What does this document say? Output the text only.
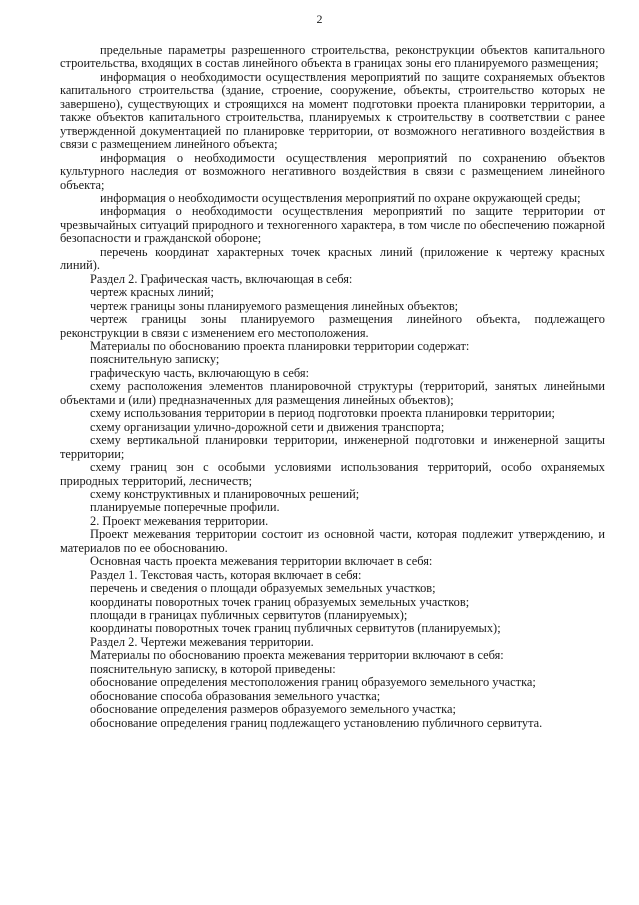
2

предельные параметры разрешенного строительства, реконструкции объектов капитального строительства, входящих в состав линейного объекта в границах зоны его планируемого размещения;

информация о необходимости осуществления мероприятий по защите сохраняемых объектов капитального строительства (здание, строение, сооружение, объекты, строительство которых не завершено), существующих и строящихся на момент подготовки проекта планировки территории, а также объектов капитального строительства, планируемых к строительству в соответствии с ранее утвержденной документацией по планировке территории, от возможного негативного воздействия в связи с размещением линейного объекта;

информация о необходимости осуществления мероприятий по сохранению объектов культурного наследия от возможного негативного воздействия в связи с размещением линейного объекта;

информация о необходимости осуществления мероприятий по охране окружающей среды;

информация о необходимости осуществления мероприятий по защите территории от чрезвычайных ситуаций природного и техногенного характера, в том числе по обеспечению пожарной безопасности и гражданской обороне;

перечень координат характерных точек красных линий (приложение к чертежу красных линий).

Раздел 2. Графическая часть, включающая в себя:

чертеж красных линий;

чертеж границы зоны планируемого размещения линейных объектов;

чертеж границы зоны планируемого размещения линейного объекта, подлежащего реконструкции в связи с изменением его местоположения.

Материалы по обоснованию проекта планировки территории содержат:

пояснительную записку;

графическую часть, включающую в себя:

схему расположения элементов планировочной структуры (территорий, занятых линейными объектами и (или) предназначенных для размещения линейных объектов);

схему использования территории в период подготовки проекта планировки территории;

схему организации улично-дорожной сети и движения транспорта;

схему вертикальной планировки территории, инженерной подготовки и инженерной защиты территории;

схему границ зон с особыми условиями использования территорий, особо охраняемых природных территорий, лесничеств;

схему конструктивных и планировочных решений;

планируемые поперечные профили.

2. Проект межевания территории.

Проект межевания территории состоит из основной части, которая подлежит утверждению, и материалов по ее обоснованию.

Основная часть проекта межевания территории включает в себя:

Раздел 1. Текстовая часть, которая включает в себя:

перечень и сведения о площади образуемых земельных участков;

координаты поворотных точек границ образуемых земельных участков;

площади в границах публичных сервитутов (планируемых);

координаты поворотных точек границ публичных сервитутов (планируемых);

Раздел 2. Чертежи межевания территории.

Материалы по обоснованию проекта межевания территории включают в себя:

пояснительную записку, в которой приведены:

обоснование определения местоположения границ образуемого земельного участка;

обоснование способа образования земельного участка;

обоснование определения размеров образуемого земельного участка;

обоснование определения границ подлежащего установлению публичного сервитута.
